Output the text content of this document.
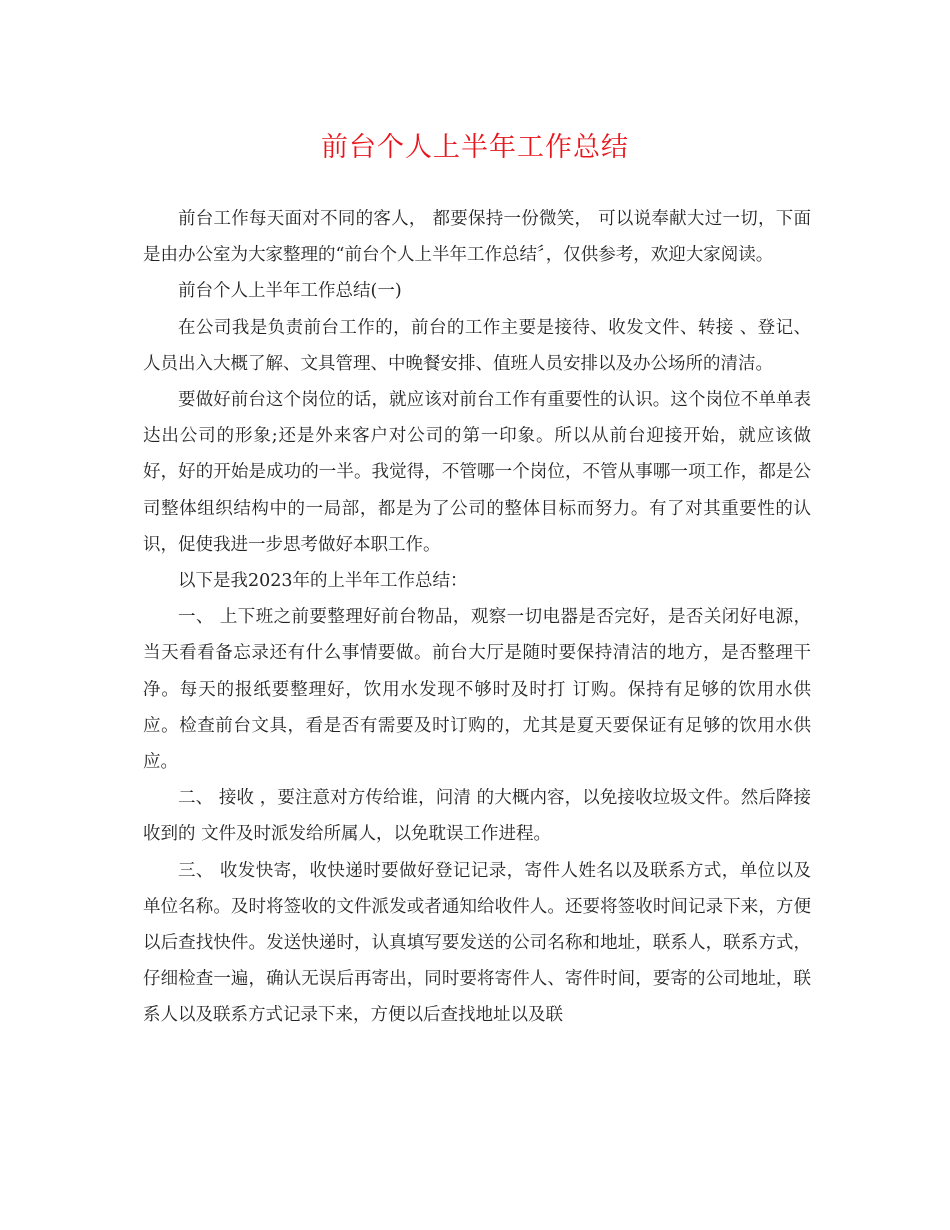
前台个人上半年工作总结

前台工作每天面对不同的客人， 都要保持一份微笑， 可以说奉献大过一切，下面是由办公室为大家整理的“前台个人上半年工作总结〞，仅供参考，欢迎大家阅读。

前台个人上半年工作总结(一)

在公司我是负责前台工作的，前台的工作主要是接待、收发文件、转接 、登记、人员出入大概了解、文具管理、中晚餐安排、值班人员安排以及办公场所的清洁。

要做好前台这个岗位的话，就应该对前台工作有重要性的认识。这个岗位不单单表达出公司的形象;还是外来客户对公司的第一印象。所以从前台迎接开始，就应该做好，好的开始是成功的一半。我觉得，不管哪一个岗位，不管从事哪一项工作，都是公司整体组织结构中的一局部，都是为了公司的整体目标而努力。有了对其重要性的认识，促使我进一步思考做好本职工作。

以下是我2023年的上半年工作总结：

一、 上下班之前要整理好前台物品，观察一切电器是否完好，是否关闭好电源，当天看看备忘录还有什么事情要做。前台大厅是随时要保持清洁的地方，是否整理干净。每天的报纸要整理好，饮用水发现不够时及时打 订购。保持有足够的饮用水供应。检查前台文具，看是否有需要及时订购的，尤其是夏天要保证有足够的饮用水供应。

二、 接收 ，要注意对方传给谁，问清 的大概内容，以免接收垃圾文件。然后降接收到的 文件及时派发给所属人，以免耽误工作进程。

三、 收发快寄，收快递时要做好登记记录，寄件人姓名以及联系方式，单位以及单位名称。及时将签收的文件派发或者通知给收件人。还要将签收时间记录下来，方便以后查找快件。发送快递时，认真填写要发送的公司名称和地址，联系人，联系方式，仔细检查一遍，确认无误后再寄出，同时要将寄件人、寄件时间，要寄的公司地址，联系人以及联系方式记录下来，方便以后查找地址以及联
